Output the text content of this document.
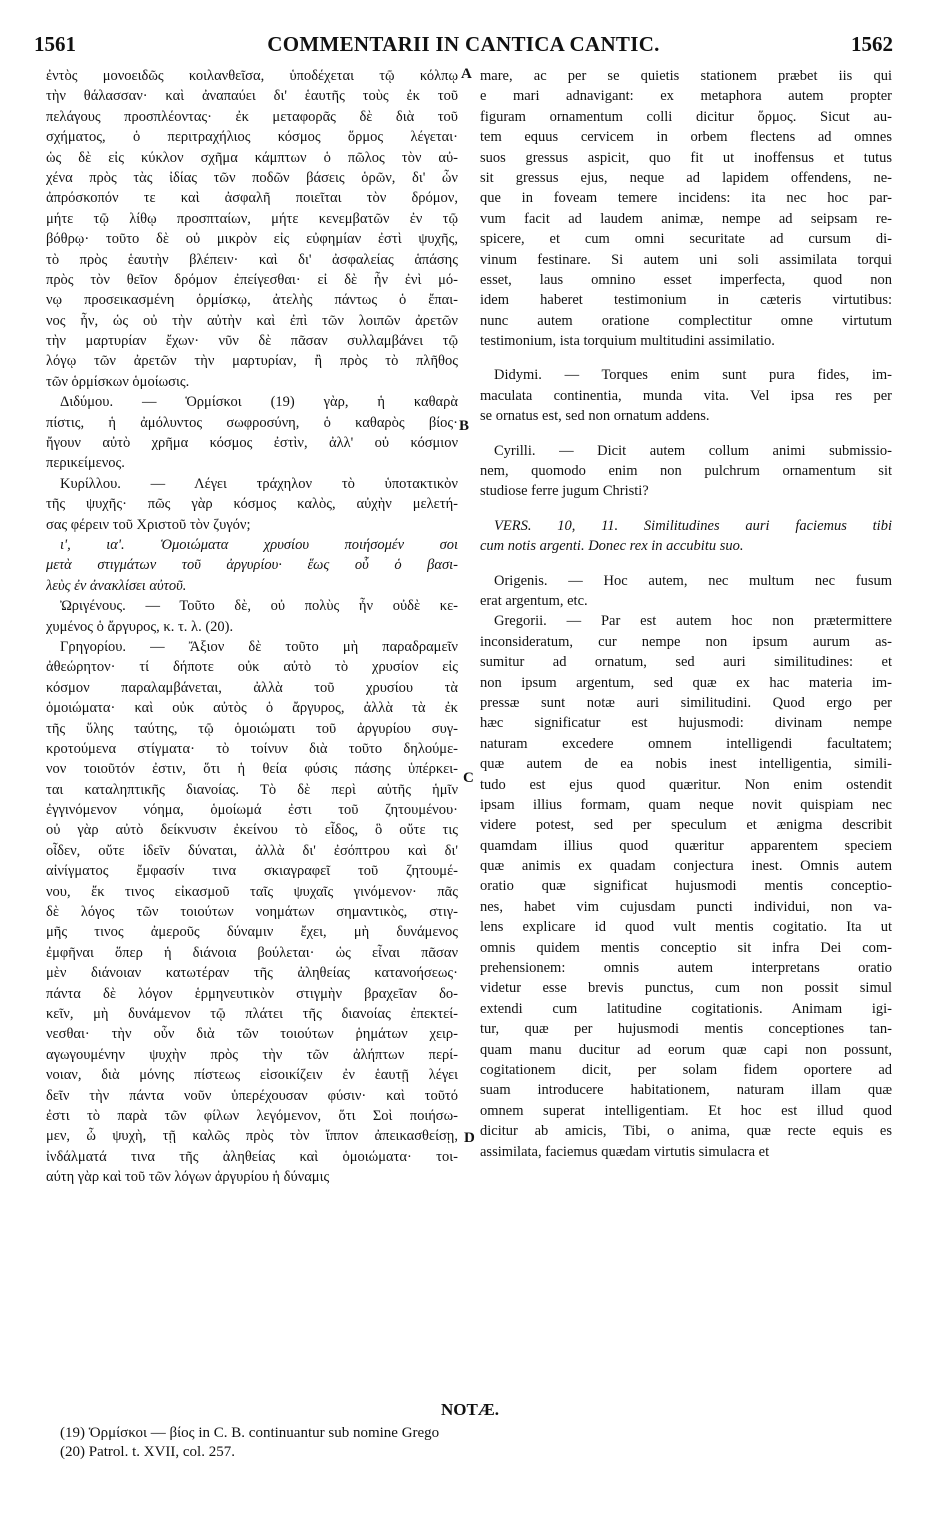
1561	COMMENTARII IN CANTICA CANTIC.	1562
A
B
C
D
ἐντὸς μονοειδῶς κοιλανθεῖσα, ὑποδέχεται τῷ κόλπῳ
τὴν θάλασσαν· καὶ ἀναπαύει δι' ἑαυτῆς τοὺς ἐκ τοῦ
πελάγους προσπλέοντας· ἐκ μεταφορᾶς δὲ διὰ τοῦ
σχήματος, ὁ περιτραχήλιος κόσμος ὅρμος λέγεται·
ὡς δὲ εἰς κύκλον σχῆμα κάμπτων ὁ πῶλος τὸν αὐ-
χένα πρὸς τὰς ἰδίας τῶν ποδῶν βάσεις ὁρῶν, δι' ὧν
ἀπρόσκοπόν τε καὶ ἀσφαλῆ ποιεῖται τὸν δρόμον,
μήτε τῷ λίθῳ προσπταίων, μήτε κενεμβατῶν ἐν τῷ
βόθρῳ· τοῦτο δὲ οὐ μικρὸν εἰς εὐφημίαν ἐστὶ ψυχῆς,
τὸ πρὸς ἑαυτὴν βλέπειν· καὶ δι' ἀσφαλείας ἁπάσης
πρὸς τὸν θεῖον δρόμον ἐπείγεσθαι· εἰ δὲ ἦν ἐνὶ μό-
νῳ προσεικασμένη ὁρμίσκῳ, ἀτελὴς πάντως ὁ ἔπαι-
νος ἦν, ὡς οὐ τὴν αὐτὴν καὶ ἐπὶ τῶν λοιπῶν ἀρετῶν
τὴν μαρτυρίαν ἔχων· νῦν δὲ πᾶσαν συλλαμβάνει τῷ
λόγῳ τῶν ἀρετῶν τὴν μαρτυρίαν, ἢ πρὸς τὸ πλῆθος
τῶν ὁρμίσκων ὁμοίωσις.
Διδύμου. — Ὁρμίσκοι (19) γὰρ, ἡ καθαρὰ
πίστις, ἡ ἀμόλυντος σωφροσύνη, ὁ καθαρὸς βίος·
ἤγουν αὐτὸ χρῆμα κόσμος ἐστὶν, ἀλλ' οὐ κόσμιον
περικείμενος.
Κυρίλλου. — Λέγει τράχηλον τὸ ὑποτακτικὸν
τῆς ψυχῆς· πῶς γὰρ κόσμος καλὸς, αὐχὴν μελετή-
σας φέρειν τοῦ Χριστοῦ τὸν ζυγόν;
ι', ια'. Ὁμοιώματα χρυσίου ποιήσομέν σοι
μετὰ στιγμάτων τοῦ ἀργυρίου· ἕως οὗ ὁ βασι-
λεὺς ἐν ἀνακλίσει αὐτοῦ.
Ὠριγένους. — Τοῦτο δὲ, οὐ πολὺς ἦν οὐδὲ κε-
χυμένος ὁ ἄργυρος, κ. τ. λ. (20).
Γρηγορίου. — Ἄξιον δὲ τοῦτο μὴ παραδραμεῖν
ἀθεώρητον· τί δήποτε οὐκ αὐτὸ τὸ χρυσίον εἰς
κόσμον παραλαμβάνεται, ἀλλὰ τοῦ χρυσίου τὰ
ὁμοιώματα· καὶ οὐκ αὐτὸς ὁ ἄργυρος, ἀλλὰ τὰ ἐκ
τῆς ὕλης ταύτης, τῷ ὁμοιώματι τοῦ ἀργυρίου συγ-
κροτούμενα στίγματα· τὸ τοίνυν διὰ τοῦτο δηλούμε-
νον τοιοῦτόν ἐστιν, ὅτι ἡ θεία φύσις πάσης ὑπέρκει-
ται καταληπτικῆς διανοίας. Τὸ δὲ περὶ αὐτῆς ἡμῖν
ἐγγινόμενον νόημα, ὁμοίωμά ἐστι τοῦ ζητουμένου·
οὐ γὰρ αὐτὸ δείκνυσιν ἐκείνου τὸ εἶδος, ὃ οὔτε τις
οἶδεν, οὔτε ἰδεῖν δύναται, ἀλλὰ δι' ἐσόπτρου καὶ δι'
αἰνίγματος ἔμφασίν τινα σκιαγραφεῖ τοῦ ζητουμέ-
νου, ἔκ τινος εἰκασμοῦ ταῖς ψυχαῖς γινόμενον· πᾶς
δὲ λόγος τῶν τοιούτων νοημάτων σημαντικὸς, στιγ-
μῆς τινος ἀμεροῦς δύναμιν ἔχει, μὴ δυνάμενος
ἐμφῆναι ὅπερ ἡ διάνοια βούλεται· ὡς εἶναι πᾶσαν
μὲν διάνοιαν κατωτέραν τῆς ἀληθείας κατανοήσεως·
πάντα δὲ λόγον ἑρμηνευτικὸν στιγμὴν βραχεῖαν δο-
κεῖν, μὴ δυνάμενον τῷ πλάτει τῆς διανοίας ἐπεκτεί-
νεσθαι· τὴν οὖν διὰ τῶν τοιούτων ῥημάτων χειρ-
αγωγουμένην ψυχὴν πρὸς τὴν τῶν ἀλήπτων περί-
νοιαν, διὰ μόνης πίστεως εἰσοικίζειν ἐν ἑαυτῇ λέγει
δεῖν τὴν πάντα νοῦν ὑπερέχουσαν φύσιν· καὶ τοῦτό
ἐστι τὸ παρὰ τῶν φίλων λεγόμενον, ὅτι Σοὶ ποιήσω-
μεν, ὦ ψυχὴ, τῇ καλῶς πρὸς τὸν ἵππον ἀπεικασθείσῃ,
ἰνδάλματά τινα τῆς ἀληθείας καὶ ὁμοιώματα· τοι-
αύτη γὰρ καὶ τοῦ τῶν λόγων ἀργυρίου ἡ δύναμις
mare, ac per se quietis stationem præbet iis qui
e mari adnavigant: ex metaphora autem propter
figuram ornamentum colli dicitur ὅρμος. Sicut au-
tem equus cervicem in orbem flectens ad omnes
suos gressus aspicit, quo fit ut inoffensus et tutus
sit gressus ejus, neque ad lapidem offendens, ne-
que in foveam temere incidens: ita nec hoc par-
vum facit ad laudem animæ, nempe ad seipsam re-
spicere, et cum omni securitate ad cursum di-
vinum festinare. Si autem uni soli assimilata torqui
esset, laus omnino esset imperfecta, quod non
idem haberet testimonium in cæteris virtutibus:
nunc autem oratione complectitur omne virtutum
testimonium, ista torquium multitudini assimilatio.
Didymi. — Torques enim sunt pura fides, im-
maculata continentia, munda vita. Vel ipsa res per
se ornatus est, sed non ornatum addens.
Cyrilli. — Dicit autem collum animi submissio-
nem, quomodo enim non pulchrum ornamentum sit
studiose ferre jugum Christi?
VERS. 10, 11. Similitudines auri faciemus tibi
cum notis argenti. Donec rex in accubitu suo.
Origenis. — Hoc autem, nec multum nec fusum
erat argentum, etc.
Gregorii. — Par est autem hoc non prætermittere
inconsideratum, cur nempe non ipsum aurum as-
sumitur ad ornatum, sed auri similitudines: et
non ipsum argentum, sed quæ ex hac materia im-
pressæ sunt notæ auri similitudini. Quod ergo per
hæc significatur est hujusmodi: divinam nempe
naturam excedere omnem intelligendi facultatem;
quæ autem de ea nobis inest intelligentia, simili-
tudo est ejus quod quæritur. Non enim ostendit
ipsam illius formam, quam neque novit quispiam nec
videre potest, sed per speculum et ænigma describit
quamdam illius quod quæritur apparentem speciem
quæ animis ex quadam conjectura inest. Omnis autem
oratio quæ significat hujusmodi mentis conceptio-
nes, habet vim cujusdam puncti individui, non va-
lens explicare id quod vult mentis cogitatio. Ita ut
omnis quidem mentis conceptio sit infra Dei com-
prehensionem: omnis autem interpretans oratio
videtur esse brevis punctus, cum non possit simul
extendi cum latitudine cogitationis. Animam igi-
tur, quæ per hujusmodi mentis conceptiones tan-
quam manu ducitur ad eorum quæ capi non possunt,
cogitationem dicit, per solam fidem oportere ad
suam introducere habitationem, naturam illam quæ
omnem superat intelligentiam. Et hoc est illud quod
dicitur ab amicis, Tibi, o anima, quæ recte equis es
assimilata, faciemus quædam virtutis simulacra et
NOTÆ.
(19) Ὁρμίσκοι — βίος in C. B. continuantur sub nomine Grego
(20) Patrol. t. XVII, col. 257.
